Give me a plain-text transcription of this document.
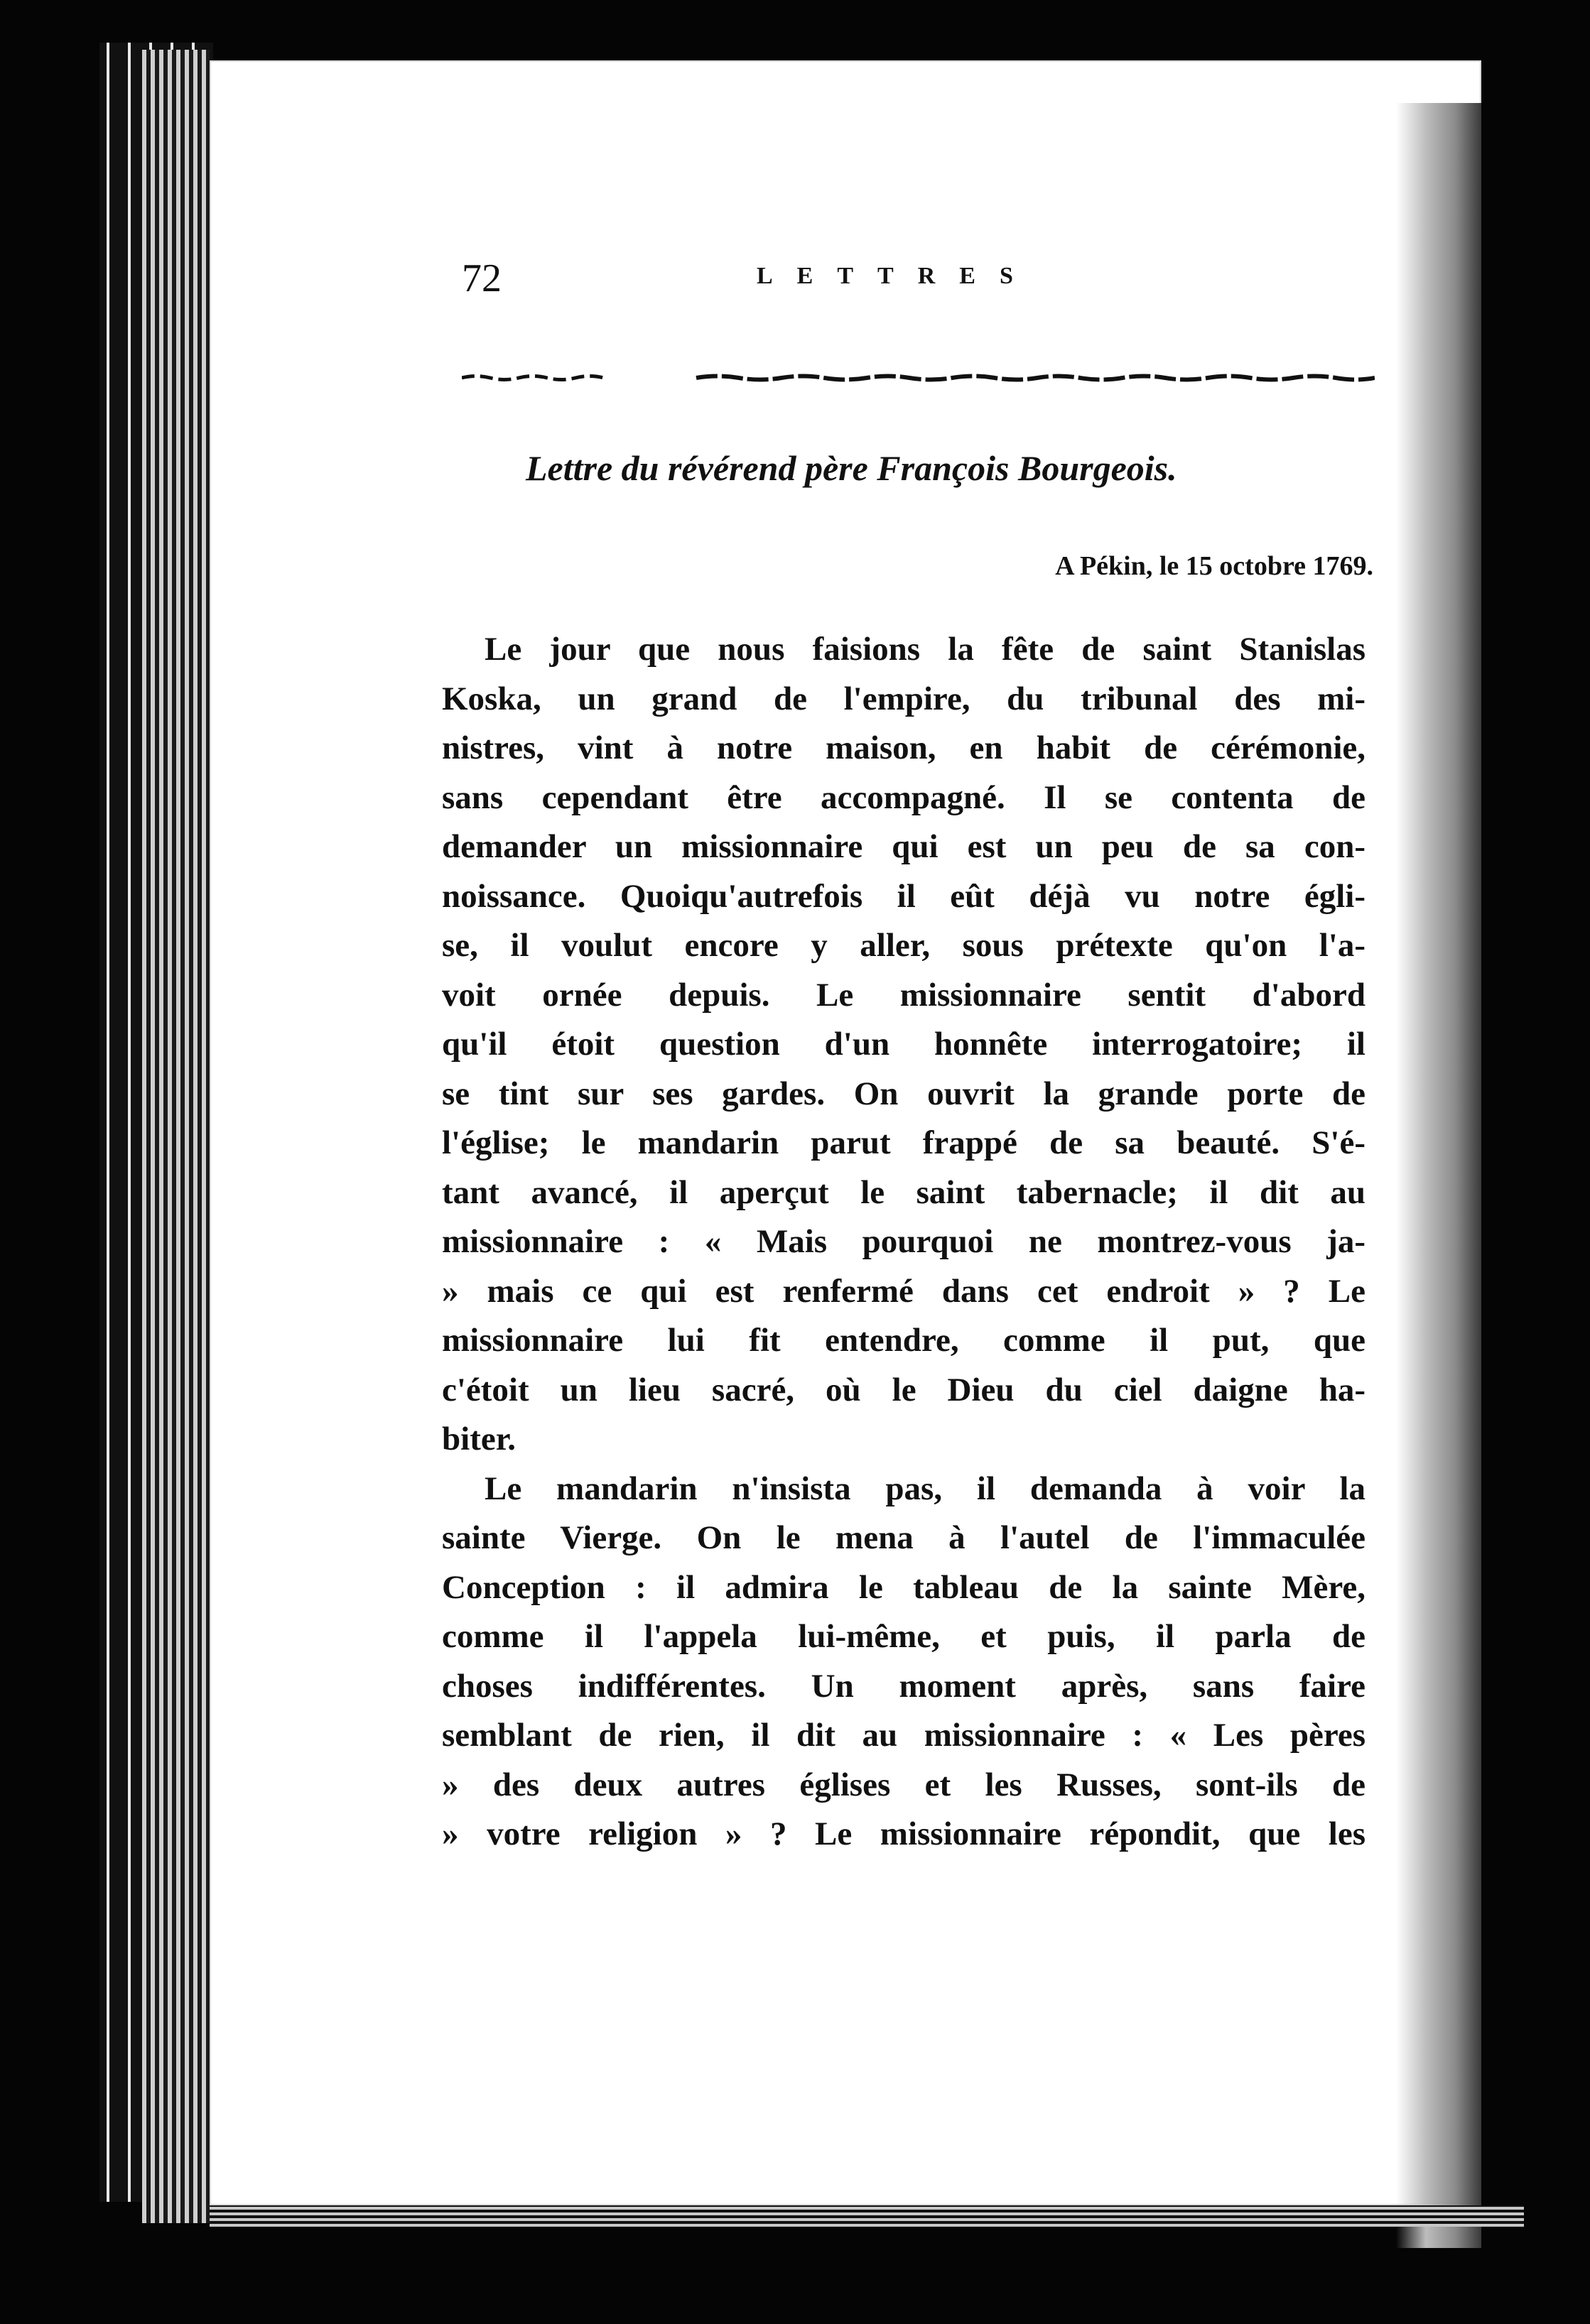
72	LETTRES
Lettre du révérend père François Bourgeois.
A Pékin, le 15 octobre 1769.
Le jour que nous faisions la fête de saint Stanislas
Koska, un grand de l'empire, du tribunal des mi-
nistres, vint à notre maison, en habit de cérémonie,
sans cependant être accompagné. Il se contenta de
demander un missionnaire qui est un peu de sa con-
noissance. Quoiqu'autrefois il eût déjà vu notre égli-
se, il voulut encore y aller, sous prétexte qu'on l'a-
voit ornée depuis. Le missionnaire sentit d'abord
qu'il étoit question d'un honnête interrogatoire; il
se tint sur ses gardes. On ouvrit la grande porte de
l'église; le mandarin parut frappé de sa beauté. S'é-
tant avancé, il aperçut le saint tabernacle; il dit au
missionnaire : « Mais pourquoi ne montrez-vous ja-
» mais ce qui est renfermé dans cet endroit » ? Le
missionnaire lui fit entendre, comme il put, que
c'étoit un lieu sacré, où le Dieu du ciel daigne ha-
biter.
Le mandarin n'insista pas, il demanda à voir la
sainte Vierge. On le mena à l'autel de l'immaculée
Conception : il admira le tableau de la sainte Mère,
comme il l'appela lui-même, et puis, il parla de
choses indifférentes. Un moment après, sans faire
semblant de rien, il dit au missionnaire : « Les pères
» des deux autres églises et les Russes, sont-ils de
» votre religion » ? Le missionnaire répondit, que les
